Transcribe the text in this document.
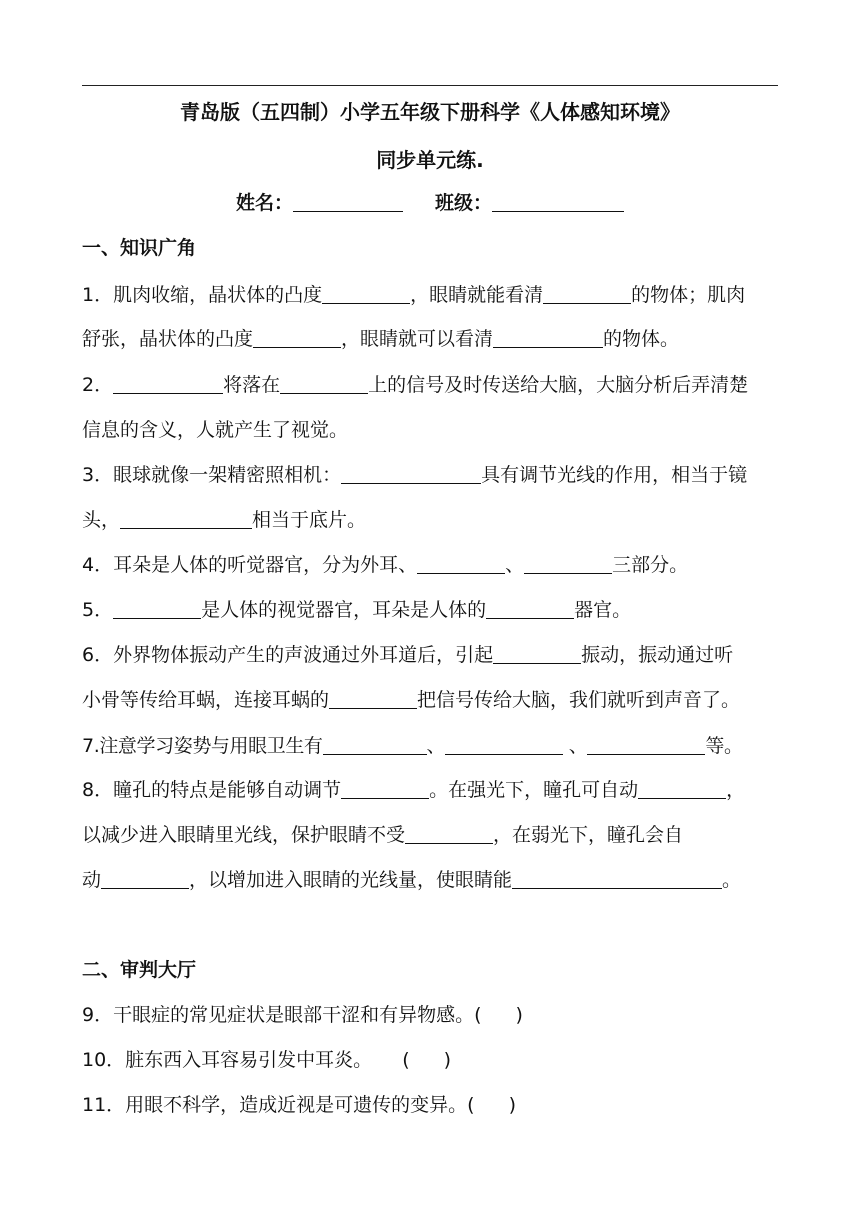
青岛版（五四制）小学五年级下册科学《人体感知环境》
同步单元练.
姓名：	班级：
一、知识广角
1．肌肉收缩，晶状体的凸度	，眼睛就能看清	的物体；肌肉
舒张，晶状体的凸度	，眼睛就可以看清	的物体。
2．	将落在	上的信号及时传送给大脑，大脑分析后弄清楚
信息的含义，人就产生了视觉。
3．眼球就像一架精密照相机：	具有调节光线的作用，相当于镜
头，	相当于底片。
4．耳朵是人体的听觉器官，分为外耳、	、	三部分。
5．	是人体的视觉器官，耳朵是人体的	器官。
6．外界物体振动产生的声波通过外耳道后，引起	振动，振动通过听
小骨等传给耳蜗，连接耳蜗的	把信号传给大脑，我们就听到声音了。
7.注意学习姿势与用眼卫生有	、	、	等。
8．瞳孔的特点是能够自动调节	。在强光下，瞳孔可自动	，
以减少进入眼睛里光线，保护眼睛不受	，在弱光下，瞳孔会自
动	，以增加进入眼睛的光线量，使眼睛能	。
二、审判大厅
9．干眼症的常见症状是眼部干涩和有异物感。( )
10．脏东西入耳容易引发中耳炎。 ( )
11．用眼不科学，造成近视是可遗传的变异。( )
